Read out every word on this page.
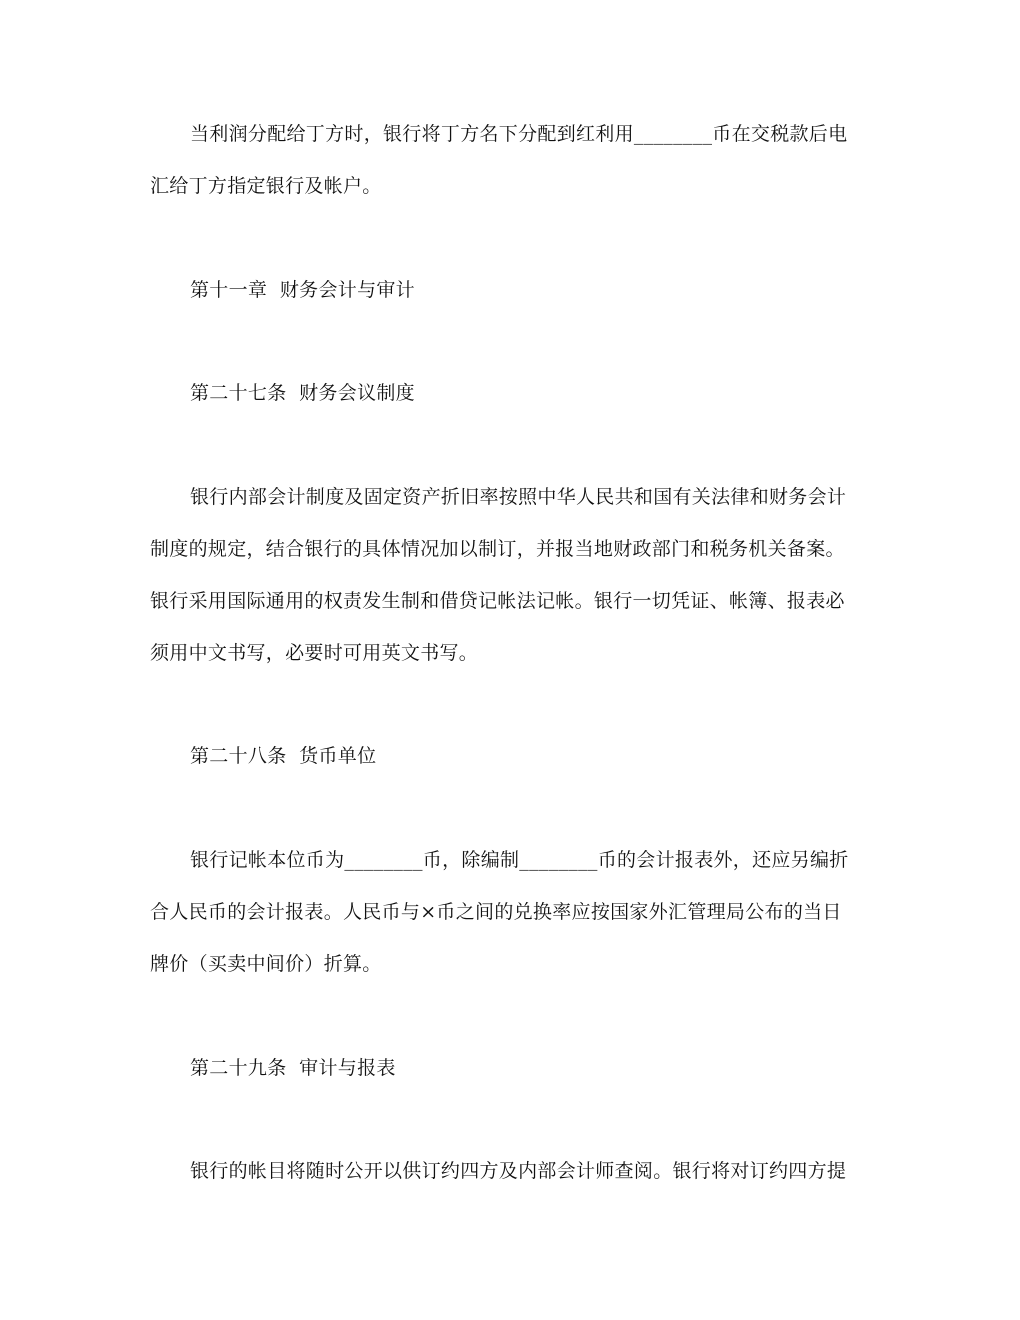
当利润分配给丁方时，银行将丁方名下分配到红利用________币在交税款后电
汇给丁方指定银行及帐户。
第十一章  财务会计与审计
第二十七条  财务会议制度
银行内部会计制度及固定资产折旧率按照中华人民共和国有关法律和财务会计
制度的规定，结合银行的具体情况加以制订，并报当地财政部门和税务机关备案。
银行采用国际通用的权责发生制和借贷记帐法记帐。银行一切凭证、帐簿、报表必
须用中文书写，必要时可用英文书写。
第二十八条  货币单位
银行记帐本位币为________币，除编制________币的会计报表外，还应另编折
合人民币的会计报表。人民币与×币之间的兑换率应按国家外汇管理局公布的当日
牌价（买卖中间价）折算。
第二十九条  审计与报表
银行的帐目将随时公开以供订约四方及内部会计师查阅。银行将对订约四方提
